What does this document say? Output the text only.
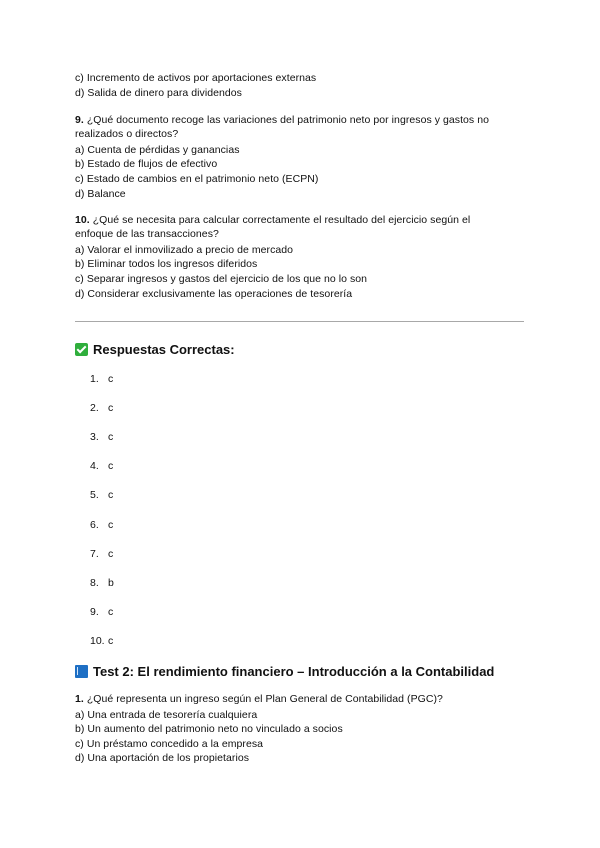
c) Incremento de activos por aportaciones externas
d) Salida de dinero para dividendos
9. ¿Qué documento recoge las variaciones del patrimonio neto por ingresos y gastos no
realizados o directos?
a) Cuenta de pérdidas y ganancias
b) Estado de flujos de efectivo
c) Estado de cambios en el patrimonio neto (ECPN)
d) Balance
10. ¿Qué se necesita para calcular correctamente el resultado del ejercicio según el
enfoque de las transacciones?
a) Valorar el inmovilizado a precio de mercado
b) Eliminar todos los ingresos diferidos
c) Separar ingresos y gastos del ejercicio de los que no lo son
d) Considerar exclusivamente las operaciones de tesorería
Respuestas Correctas:
1. c
2. c
3. c
4. c
5. c
6. c
7. c
8. b
9. c
10. c
Test 2: El rendimiento financiero – Introducción a la Contabilidad
1. ¿Qué representa un ingreso según el Plan General de Contabilidad (PGC)?
a) Una entrada de tesorería cualquiera
b) Un aumento del patrimonio neto no vinculado a socios
c) Un préstamo concedido a la empresa
d) Una aportación de los propietarios
